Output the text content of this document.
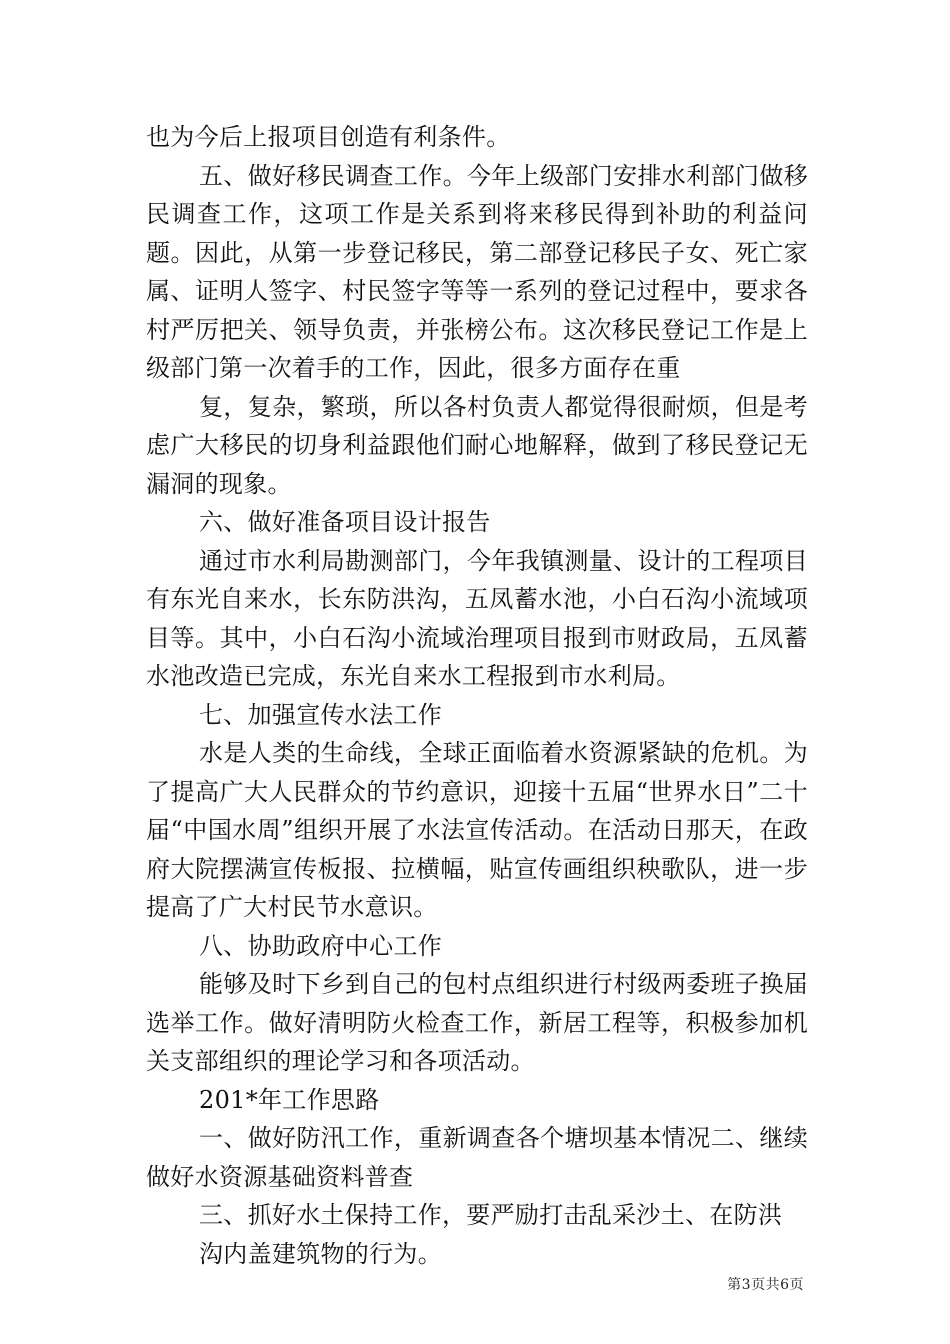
也为今后上报项目创造有利条件。

五、做好移民调查工作。今年上级部门安排水利部门做移民调查工作，这项工作是关系到将来移民得到补助的利益问题。因此，从第一步登记移民，第二部登记移民子女、死亡家属、证明人签字、村民签字等等一系列的登记过程中，要求各村严厉把关、领导负责，并张榜公布。这次移民登记工作是上级部门第一次着手的工作，因此，很多方面存在重

复，复杂，繁琐，所以各村负责人都觉得很耐烦，但是考虑广大移民的切身利益跟他们耐心地解释，做到了移民登记无漏洞的现象。

六、做好准备项目设计报告

通过市水利局勘测部门，今年我镇测量、设计的工程项目有东光自来水，长东防洪沟，五凤蓄水池，小白石沟小流域项目等。其中，小白石沟小流域治理项目报到市财政局，五凤蓄水池改造已完成，东光自来水工程报到市水利局。

七、加强宣传水法工作

水是人类的生命线，全球正面临着水资源紧缺的危机。为了提高广大人民群众的节约意识，迎接十五届“世界水日”二十届“中国水周”组织开展了水法宣传活动。在活动日那天，在政府大院摆满宣传板报、拉横幅，贴宣传画组织秧歌队，进一步提高了广大村民节水意识。

八、协助政府中心工作

能够及时下乡到自己的包村点组织进行村级两委班子换届选举工作。做好清明防火检查工作，新居工程等，积极参加机关支部组织的理论学习和各项活动。

201*年工作思路

一、做好防汛工作，重新调查各个塘坝基本情况二、继续做好水资源基础资料普查

三、抓好水土保持工作，要严励打击乱采沙土、在防洪

沟内盖建筑物的行为。

第3页共6页
